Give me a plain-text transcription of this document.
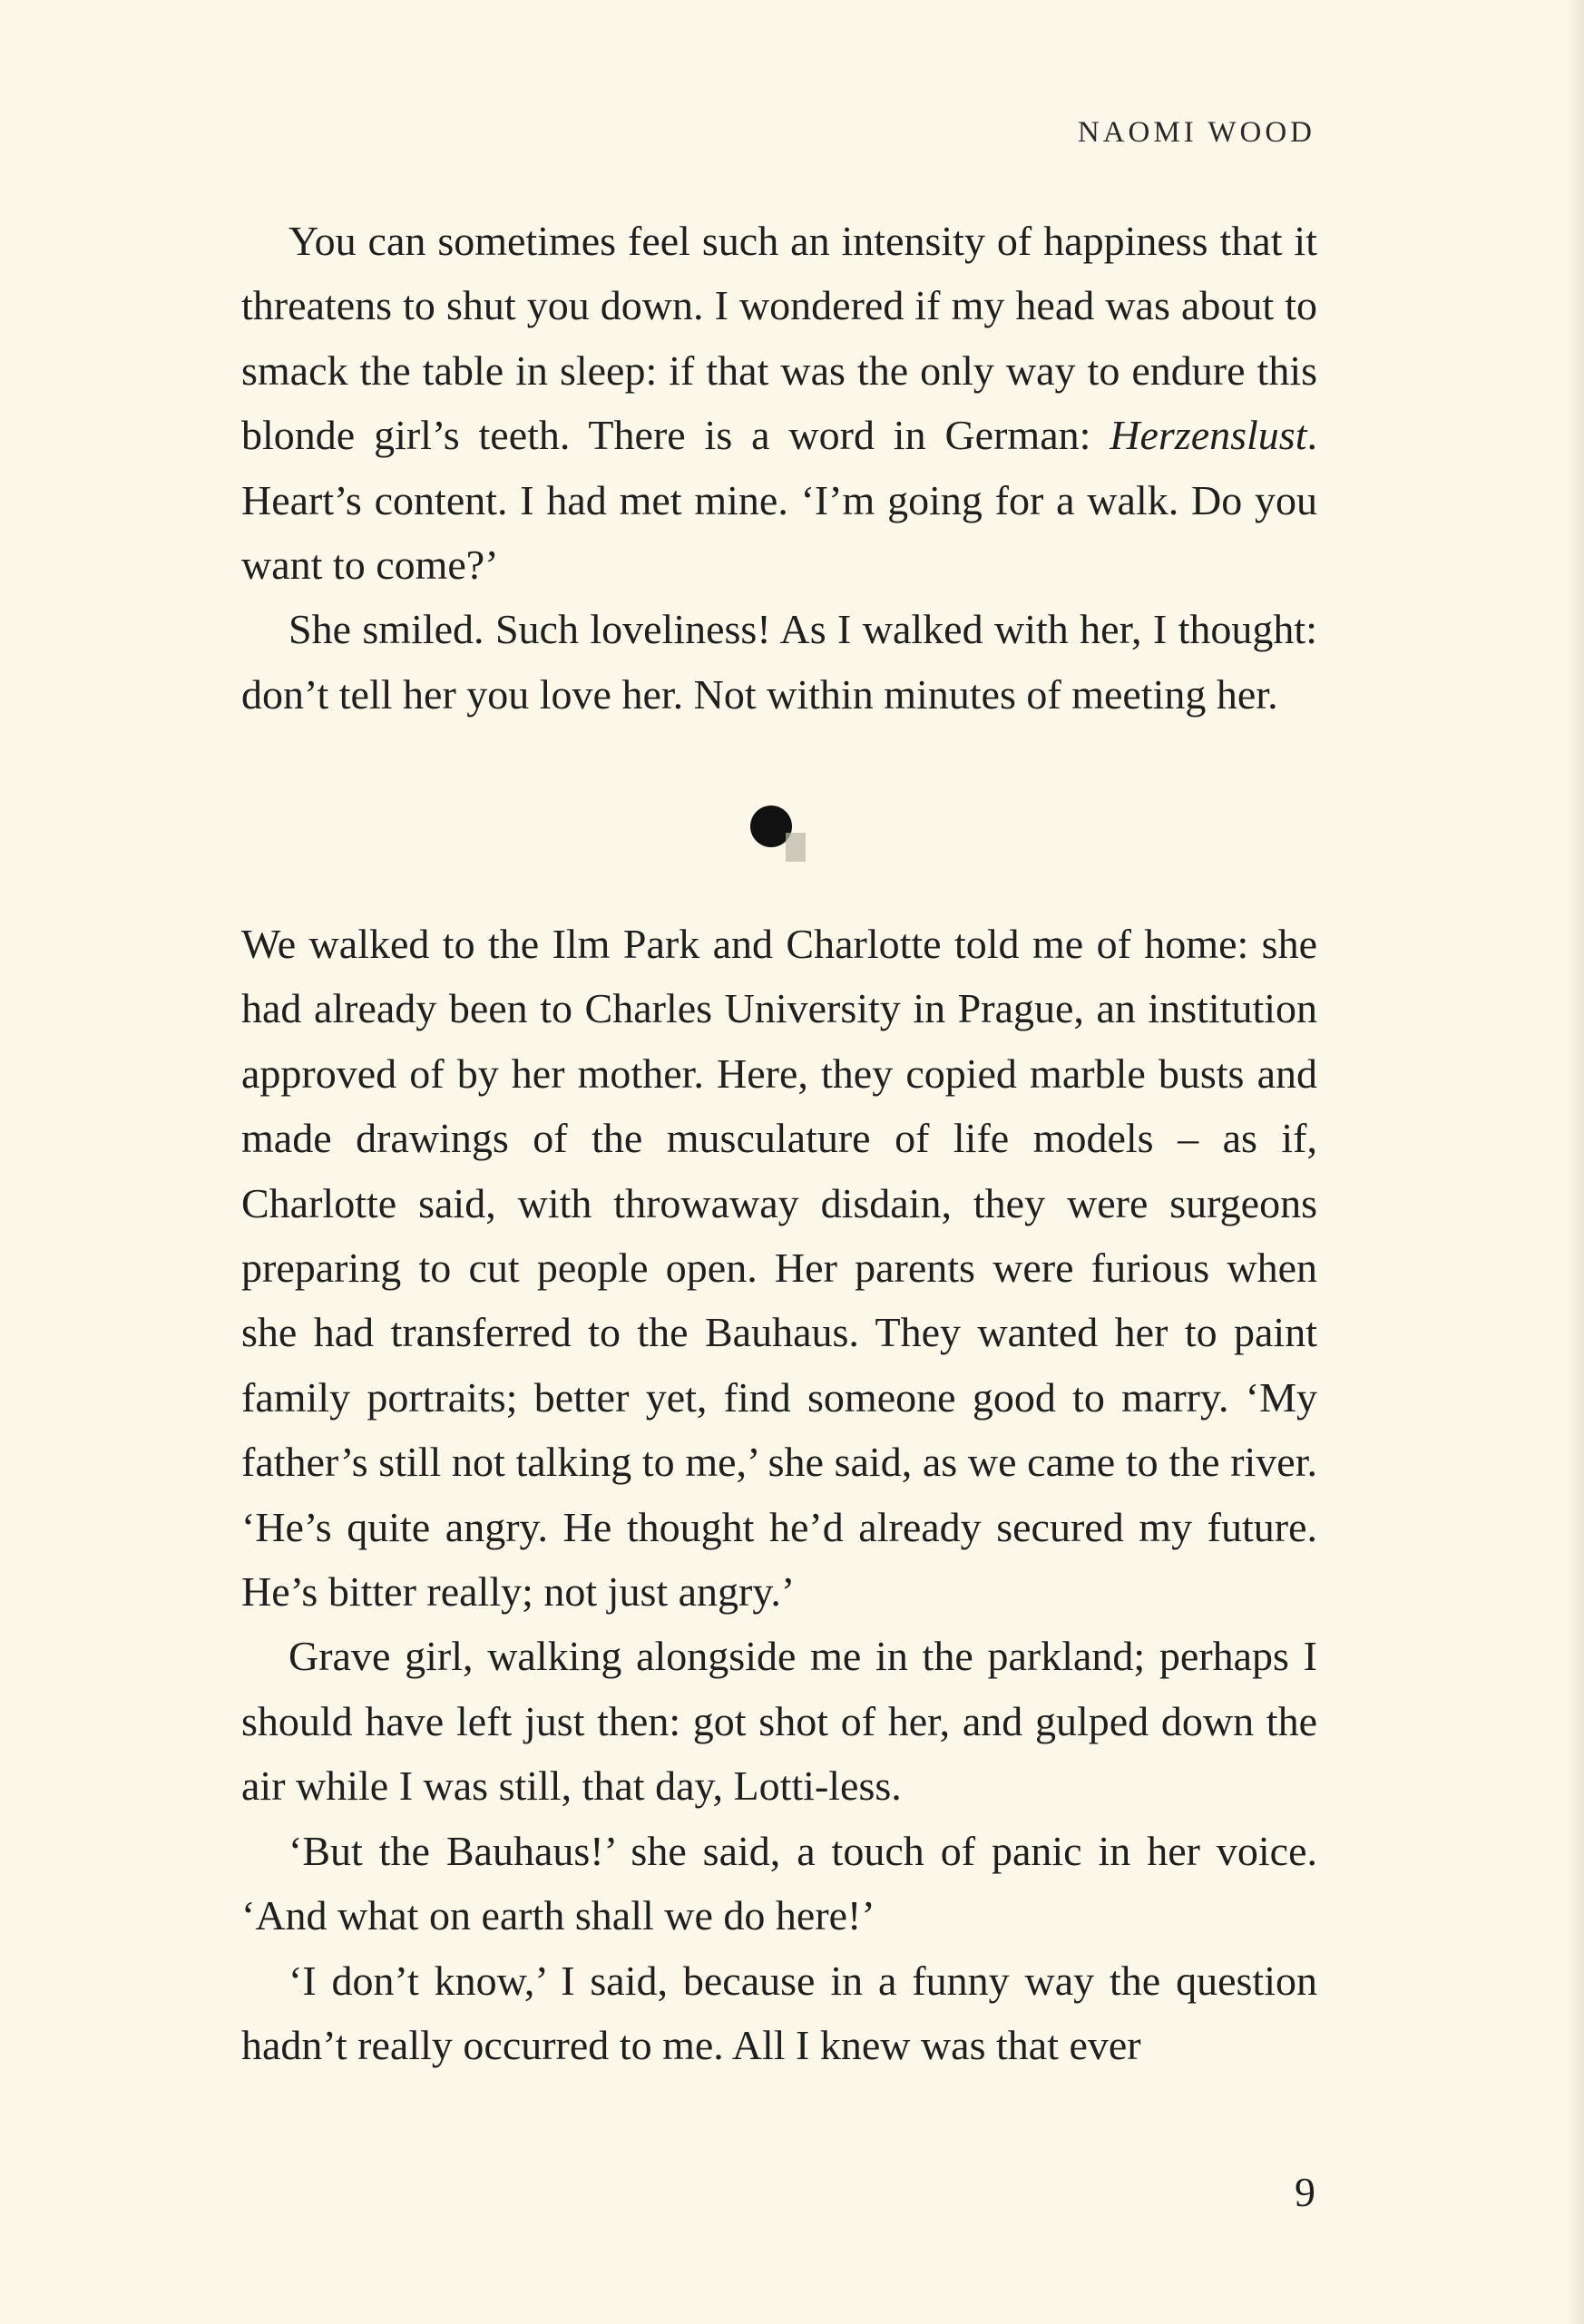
NAOMI WOOD

You can sometimes feel such an intensity of happiness that it threatens to shut you down. I wondered if my head was about to smack the table in sleep: if that was the only way to endure this blonde girl’s teeth. There is a word in German: Herzenslust. Heart’s content. I had met mine. ‘I’m going for a walk. Do you want to come?’

She smiled. Such loveliness! As I walked with her, I thought: don’t tell her you love her. Not within minutes of meeting her.

We walked to the Ilm Park and Charlotte told me of home: she had already been to Charles University in Prague, an institution approved of by her mother. Here, they copied marble busts and made drawings of the musculature of life models – as if, Charlotte said, with throwaway disdain, they were surgeons preparing to cut people open. Her parents were furious when she had transferred to the Bauhaus. They wanted her to paint family portraits; better yet, find someone good to marry. ‘My father’s still not talking to me,’ she said, as we came to the river. ‘He’s quite angry. He thought he’d already secured my future. He’s bitter really; not just angry.’

Grave girl, walking alongside me in the parkland; perhaps I should have left just then: got shot of her, and gulped down the air while I was still, that day, Lotti-less.

‘But the Bauhaus!’ she said, a touch of panic in her voice. ‘And what on earth shall we do here!’

‘I don’t know,’ I said, because in a funny way the question hadn’t really occurred to me. All I knew was that ever

9
